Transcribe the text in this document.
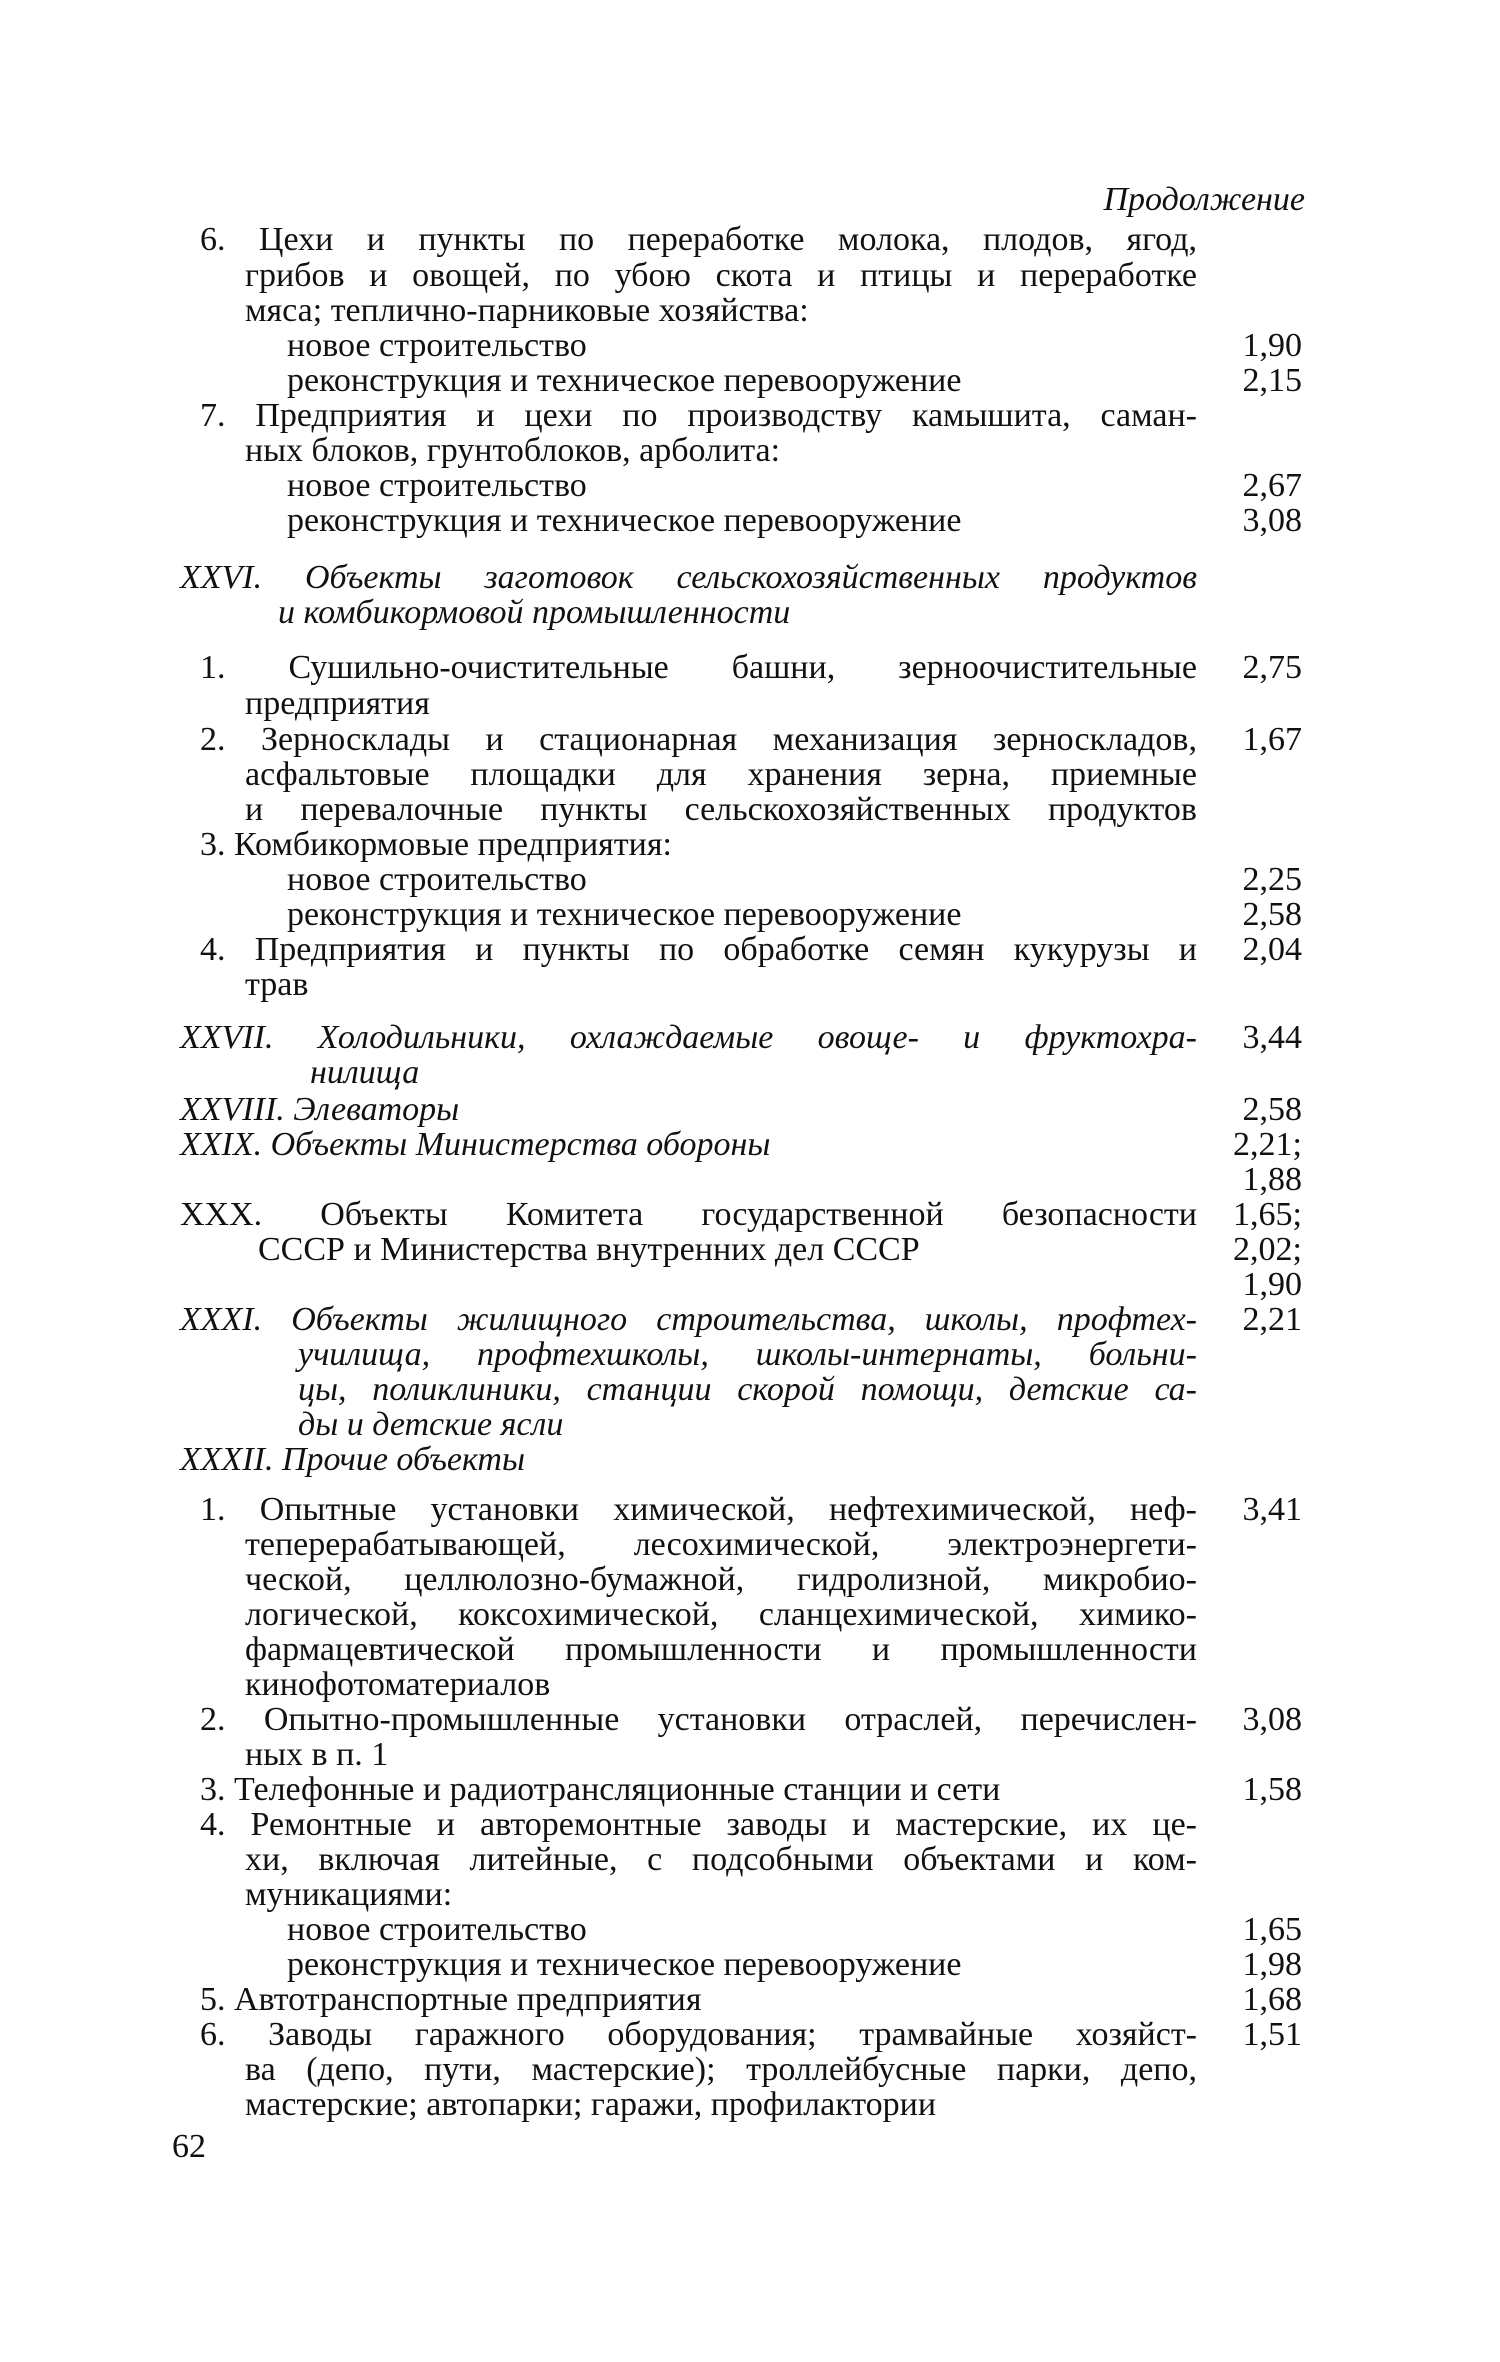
Продолжение
6. Цехи и пункты по переработке молока, плодов, ягод,
грибов и овощей, по убою скота и птицы и переработке
мяса; тепличнo-парниковые хозяйства:
новое строительство
реконструкция и техническое перевооружение
7. Предприятия и цехи по производству камышита, саман-
ных блоков, грунтоблоков, арболита:
новое строительство
реконструкция и техническое перевооружение
XXVI. Объекты заготовок сельскохозяйственных продуктов
и комбикормовой промышленности
1. Сушильно-очистительные башни, зерноочистительные
предприятия
2. Зерносклады и стационарная механизация зерноскладов,
асфальтовые площадки для хранения зерна, приемные
и перевалочные пункты сельскохозяйственных продуктов
3. Комбикормовые предприятия:
новое строительство
реконструкция и техническое перевооружение
4. Предприятия и пункты по обработке семян кукурузы и
трав
XXVII. Холодильники, охлаждаемые овоще- и фруктохра-
нилища
XXVIII. Элеваторы
XXIX. Объекты Министерства обороны
XXX. Объекты Комитета государственной безопасности
СССР и Министерства внутренних дел СССР
XXXI. Объекты жилищного строительства, школы, профтех-
училища, профтехшколы, школы-интернаты, больни-
цы, поликлиники, станции скорой помощи, детские са-
ды и детские ясли
XXXII. Прочие объекты
1. Опытные установки химической, нефтехимической, неф-
теперерабатывающей, лесохимической, электроэнергети-
ческой, целлюлозно-бумажной, гидролизной, микробио-
логической, коксохимической, сланцехимической, химико-
фармацевтической промышленности и промышленности
кинофотоматериалов
2. Опытно-промышленные установки отраслей, перечислен-
ных в п. 1
3. Телефонные и радиотрансляционные станции и сети
4. Ремонтные и авторемонтные заводы и мастерские, их це-
хи, включая литейные, с подсобными объектами и ком-
муникациями:
новое строительство
реконструкция и техническое перевооружение
5. Автотранспортные предприятия
6. Заводы гаражного оборудования; трамвайные хозяйст-
ва (депо, пути, мастерские); троллейбусные парки, депо,
мастерские; автопарки; гаражи, профилактории
1,90
2,15
2,67
3,08
2,75
1,67
2,25
2,58
2,04
3,44
2,58
2,21;
1,88
1,65;
2,02;
1,90
2,21
3,41
3,08
1,58
1,65
1,98
1,68
1,51
62
